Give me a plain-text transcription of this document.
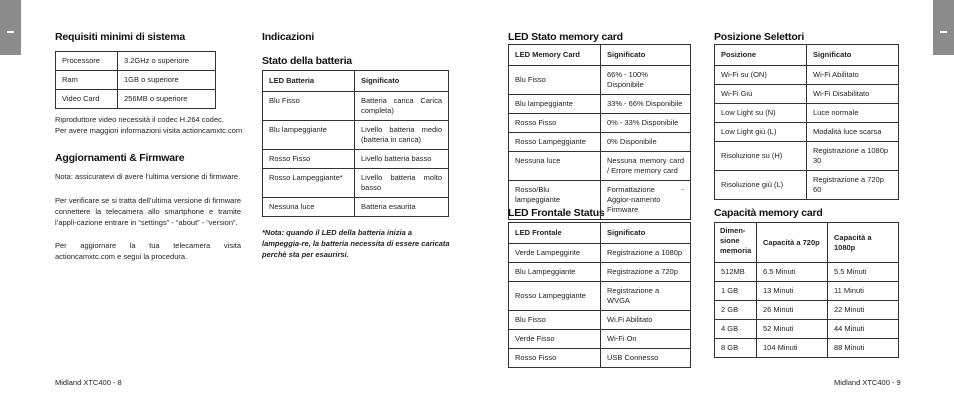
Requisiti minimi di sistema
Processore	3.2GHz o superiore
Ram	1GB o superiore
Video Card	256MB o superiore

Riproduttore video necessità il codec H.264 codec.

Per avere maggiori informazioni visita actioncamxtc.com

Aggiornamenti & Firmware
Nota: assicuratevi di avere l’ultima versione di firmware.
Per verificare se si tratta dell’ultima versione di firmware connettere la telecamera allo smartphone e tramite l’appli-cazione entrare in “settings” - “about” - “version”.
Per aggiornare la tua telecamera visita actioncamxtc.com e segui la procedura.
Indicazioni
Stato della batteria
LED Batteria	Significato
Blu Fisso	Batteria carica Carica completa)
Blu lampeggiante	Livello batteria medio (batteria in carica)
Rosso Fisso	Livello batteria basso
Rosso Lampeggiante*	Livello batteria molto basso
Nessuna luce	Batteria esaurita
*Nota: quando il LED della batteria inizia a lampeggia-re, la batteria necessita di essere caricata perchè sta per esaurirsi.
Midland XTC400 - 8
LED Stato memory card
LED Memory Card	Significato
Blu Fisso	66% - 100% Disponibile
Blu lampeggiante	33% - 66% Disponibile
Rosso Fisso	0% - 33% Disponibile
Rosso Lampeggiante	0% Disponibile
Nessuna luce	Nessuna memory card / Errore memory card
Rosso/Blu lampeggiante	Formattazione - Aggior-namento Firmware
LED Frontale Status
LED Frontale	Significato
Verde Lampegginte	Registrazione a 1080p
Blu Lampeggiante	Registrazione a 720p
Rosso Lampeggiante	Registrazione a WVGA
Blu Fisso	Wi.Fi Abilitato
Verde Fisso	Wi-Fi On
Rosso Fisso	USB Connesso
Posizione Selettori
Posizione	Significato
Wi-Fi su (ON)	Wi-Fi Abilitato
Wi-Fi Giù	Wi-Fi Disabilitato
Low Light su (N)	Luce normale
Low Light giù (L)	Modalità luce scarsa
Risoluzione su (H)	Registrazione a 1080p 30
Risoluzione giù (L)	Registrazione a 720p 60
Capacità memory card
Dimen-sione memoria	Capacità a 720p	Capacità a 1080p
512MB	6.5 Minuti	5.5 Minuti
1 GB	13 Minuti	11 Minuti
2 GB	26 Minuti	22 Minuti
4 GB	52 Minuti	44 Minuti
8 GB	104 Minuti	88 Minuti
Midland XTC400 - 9
